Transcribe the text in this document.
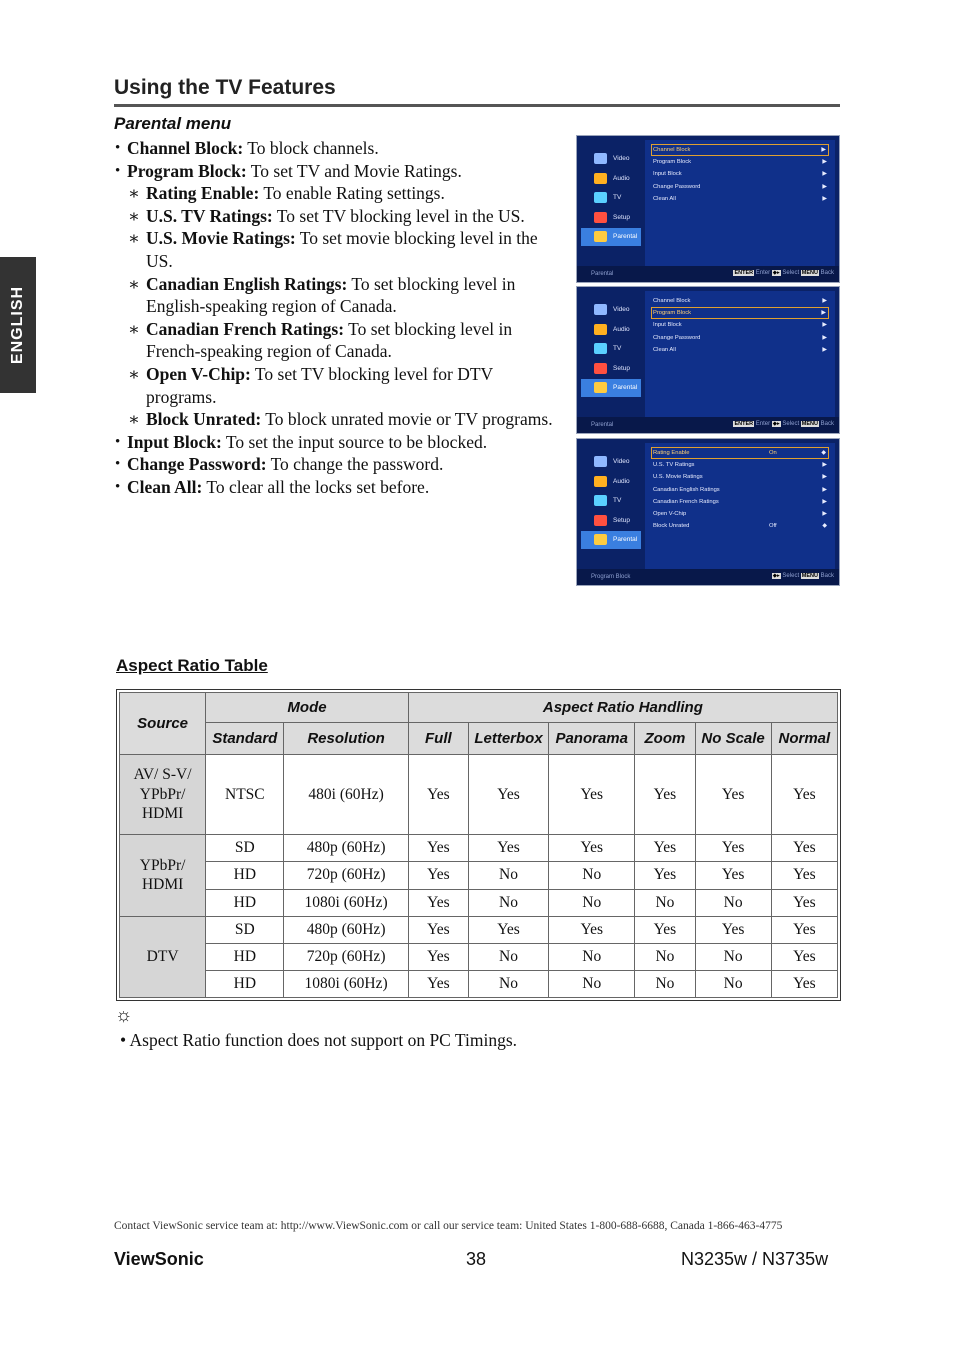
ENGLISH
Using the TV Features
Parental menu
• Channel Block: To block channels.
• Program Block: To set TV and Movie Ratings.
∗ Rating Enable: To enable Rating settings.
∗ U.S. TV Ratings: To set TV blocking level in the US.
∗ U.S. Movie Ratings: To set movie blocking level in the US.
∗ Canadian English Ratings: To set blocking level in English-speaking region of Canada.
∗ Canadian French Ratings: To set blocking level in French-speaking region of Canada.
∗ Open V-Chip: To set TV blocking level for DTV programs.
∗ Block Unrated: To block unrated movie or TV programs.
• Input Block: To set the input source to be blocked.
• Change Password: To change the password.
• Clean All: To clear all the locks set before.
Video
Audio
TV
Setup
Parental
Channel Block	▶
Program Block	▶
Input Block	▶
Change Password	▶
Clean All	▶
Parental	ENTER Enter ◆▸ Select MENU Back
Video
Audio
TV
Setup
Parental
Channel Block	▶
Program Block	▶
Input Block	▶
Change Password	▶
Clean All	▶
Parental	ENTER Enter ◆▸ Select MENU Back
Video
Audio
TV
Setup
Parental
Rating Enable	On	◆
U.S. TV Ratings	▶
U.S. Movie Ratings	▶
Canadian English Ratings	▶
Canadian French Ratings	▶
Open V-Chip	▶
Block Unrated	Off	◆
Program Block	◆▸ Select MENU Back
Aspect Ratio Table
Source	Mode		Aspect Ratio Handling					
	Standard	Resolution	Full	Letterbox	Panorama	Zoom	No Scale	Normal
AV/ S-V/
YPbPr/
HDMI	NTSC	480i (60Hz)	Yes	Yes	Yes	Yes	Yes	Yes
YPbPr/
HDMI	SD	480p (60Hz)	Yes	Yes	Yes	Yes	Yes	Yes
	HD	720p (60Hz)	Yes	No	No	Yes	Yes	Yes
	HD	1080i (60Hz)	Yes	No	No	No	No	Yes
DTV	SD	480p (60Hz)	Yes	Yes	Yes	Yes	Yes	Yes
	HD	720p (60Hz)	Yes	No	No	No	No	Yes
	HD	1080i (60Hz)	Yes	No	No	No	No	Yes
☼
• Aspect Ratio function does not support on PC Timings.
Contact ViewSonic service team at: http://www.ViewSonic.com or call our service team: United States 1-800-688-6688, Canada 1-866-463-4775
ViewSonic	38	N3235w / N3735w
